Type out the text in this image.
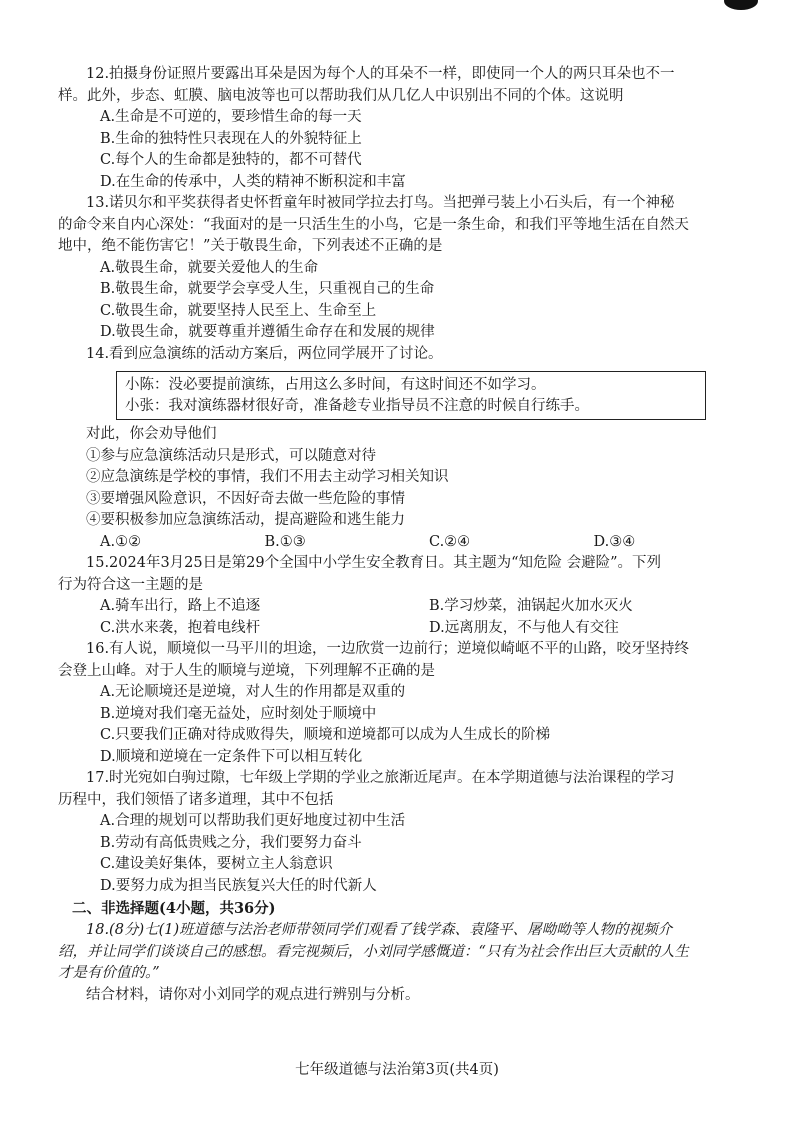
12.拍摄身份证照片要露出耳朵是因为每个人的耳朵不一样，即使同一个人的两只耳朵也不一
样。此外，步态、虹膜、脑电波等也可以帮助我们从几亿人中识别出不同的个体。这说明
A.生命是不可逆的，要珍惜生命的每一天
B.生命的独特性只表现在人的外貌特征上
C.每个人的生命都是独特的，都不可替代
D.在生命的传承中，人类的精神不断积淀和丰富
13.诺贝尔和平奖获得者史怀哲童年时被同学拉去打鸟。当把弹弓装上小石头后，有一个神秘
的命令来自内心深处：“我面对的是一只活生生的小鸟，它是一条生命，和我们平等地生活在自然天
地中，绝不能伤害它！”关于敬畏生命，下列表述不正确的是
A.敬畏生命，就要关爱他人的生命
B.敬畏生命，就要学会享受人生，只重视自己的生命
C.敬畏生命，就要坚持人民至上、生命至上
D.敬畏生命，就要尊重并遵循生命存在和发展的规律
14.看到应急演练的活动方案后，两位同学展开了讨论。
小陈：没必要提前演练，占用这么多时间，有这时间还不如学习。
小张：我对演练器材很好奇，准备趁专业指导员不注意的时候自行练手。
对此，你会劝导他们
①参与应急演练活动只是形式，可以随意对待
②应急演练是学校的事情，我们不用去主动学习相关知识
③要增强风险意识，不因好奇去做一些危险的事情
④要积极参加应急演练活动，提高避险和逃生能力
A.①②	B.①③	C.②④	D.③④
15.2024年3月25日是第29个全国中小学生安全教育日。其主题为“知危险 会避险”。下列
行为符合这一主题的是
A.骑车出行，路上不追逐	B.学习炒菜，油锅起火加水灭火
C.洪水来袭，抱着电线杆	D.远离朋友，不与他人有交往
16.有人说，顺境似一马平川的坦途，一边欣赏一边前行；逆境似崎岖不平的山路，咬牙坚持终
会登上山峰。对于人生的顺境与逆境，下列理解不正确的是
A.无论顺境还是逆境，对人生的作用都是双重的
B.逆境对我们毫无益处，应时刻处于顺境中
C.只要我们正确对待成败得失，顺境和逆境都可以成为人生成长的阶梯
D.顺境和逆境在一定条件下可以相互转化
17.时光宛如白驹过隙，七年级上学期的学业之旅渐近尾声。在本学期道德与法治课程的学习
历程中，我们领悟了诸多道理，其中不包括
A.合理的规划可以帮助我们更好地度过初中生活
B.劳动有高低贵贱之分，我们要努力奋斗
C.建设美好集体，要树立主人翁意识
D.要努力成为担当民族复兴大任的时代新人
二、非选择题(4小题，共36分)
18.(8分)七(1)班道德与法治老师带领同学们观看了钱学森、袁隆平、屠呦呦等人物的视频介
绍，并让同学们谈谈自己的感想。看完视频后，小刘同学感慨道：“只有为社会作出巨大贡献的人生
才是有价值的。”
结合材料，请你对小刘同学的观点进行辨别与分析。
七年级道德与法治第3页(共4页)
